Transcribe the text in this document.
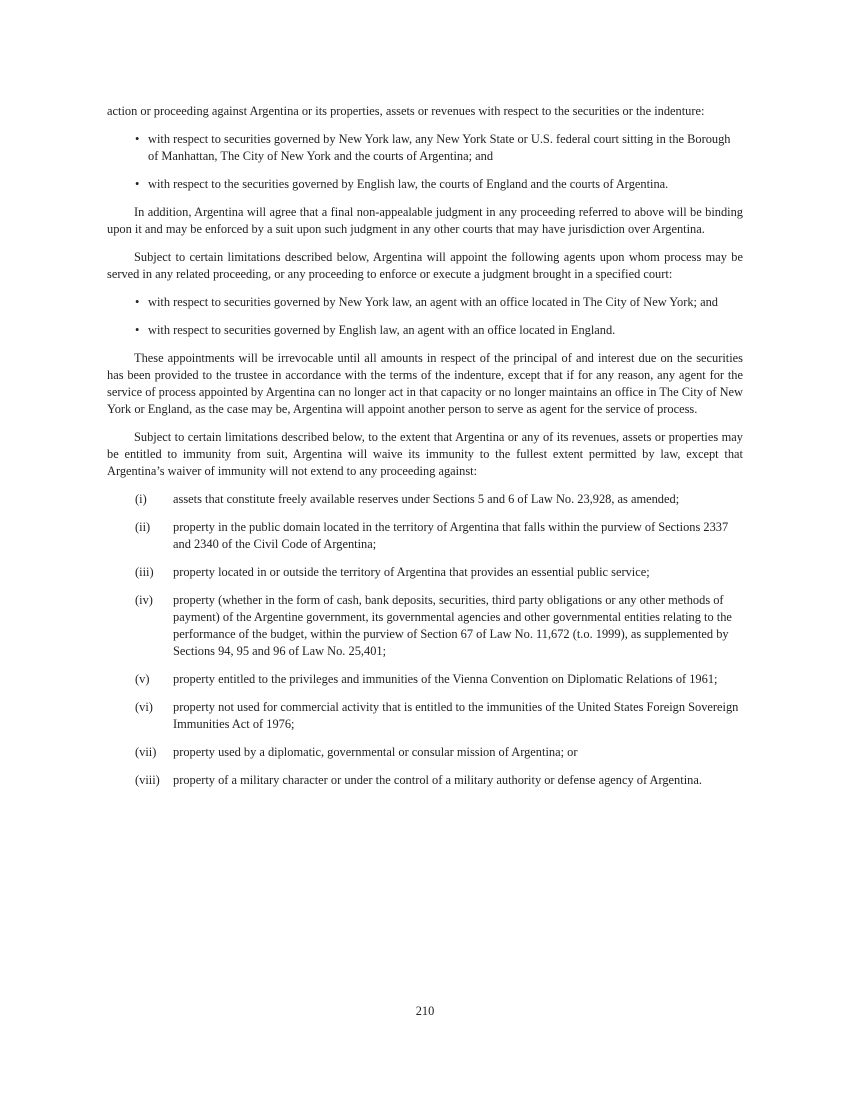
action or proceeding against Argentina or its properties, assets or revenues with respect to the securities or the indenture:

• with respect to securities governed by New York law, any New York State or U.S. federal court sitting in the Borough of Manhattan, The City of New York and the courts of Argentina; and
• with respect to the securities governed by English law, the courts of England and the courts of Argentina.

In addition, Argentina will agree that a final non-appealable judgment in any proceeding referred to above will be binding upon it and may be enforced by a suit upon such judgment in any other courts that may have jurisdiction over Argentina.

Subject to certain limitations described below, Argentina will appoint the following agents upon whom process may be served in any related proceeding, or any proceeding to enforce or execute a judgment brought in a specified court:

• with respect to securities governed by New York law, an agent with an office located in The City of New York; and
• with respect to securities governed by English law, an agent with an office located in England.

These appointments will be irrevocable until all amounts in respect of the principal of and interest due on the securities has been provided to the trustee in accordance with the terms of the indenture, except that if for any reason, any agent for the service of process appointed by Argentina can no longer act in that capacity or no longer maintains an office in The City of New York or England, as the case may be, Argentina will appoint another person to serve as agent for the service of process.

Subject to certain limitations described below, to the extent that Argentina or any of its revenues, assets or properties may be entitled to immunity from suit, Argentina will waive its immunity to the fullest extent permitted by law, except that Argentina’s waiver of immunity will not extend to any proceeding against:

(i) assets that constitute freely available reserves under Sections 5 and 6 of Law No. 23,928, as amended;
(ii) property in the public domain located in the territory of Argentina that falls within the purview of Sections 2337 and 2340 of the Civil Code of Argentina;
(iii) property located in or outside the territory of Argentina that provides an essential public service;
(iv) property (whether in the form of cash, bank deposits, securities, third party obligations or any other methods of payment) of the Argentine government, its governmental agencies and other governmental entities relating to the performance of the budget, within the purview of Section 67 of Law No. 11,672 (t.o. 1999), as supplemented by Sections 94, 95 and 96 of Law No. 25,401;
(v) property entitled to the privileges and immunities of the Vienna Convention on Diplomatic Relations of 1961;
(vi) property not used for commercial activity that is entitled to the immunities of the United States Foreign Sovereign Immunities Act of 1976;
(vii) property used by a diplomatic, governmental or consular mission of Argentina; or
(viii) property of a military character or under the control of a military authority or defense agency of Argentina.
210
